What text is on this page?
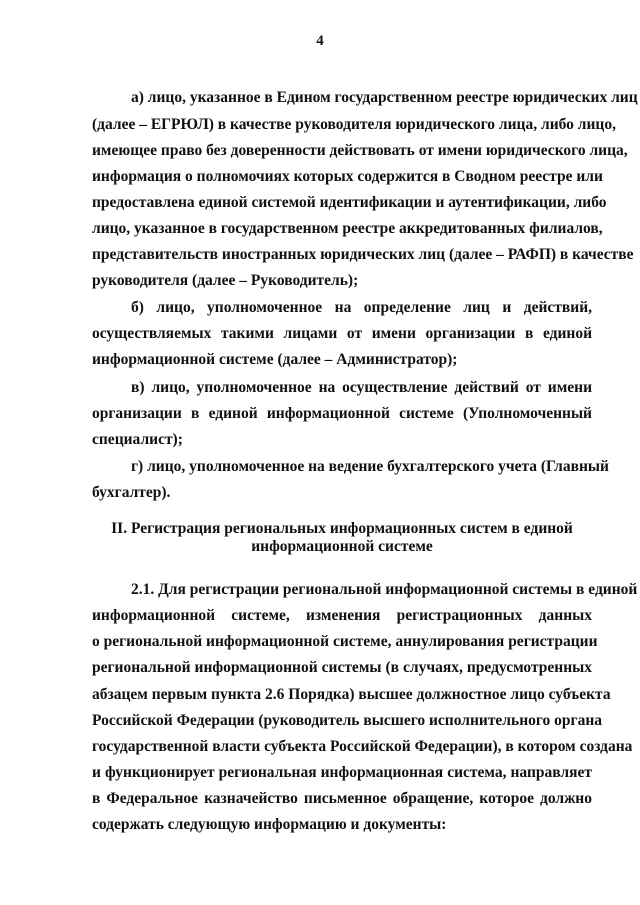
4
а) лицо, указанное в Едином государственном реестре юридических лиц
(далее – ЕГРЮЛ) в качестве руководителя юридического лица, либо лицо,
имеющее право без доверенности действовать от имени юридического лица,
информация о полномочиях которых содержится в Сводном реестре или
предоставлена единой системой идентификации и аутентификации, либо
лицо, указанное в государственном реестре аккредитованных филиалов,
представительств иностранных юридических лиц (далее – РАФП) в качестве
руководителя (далее – Руководитель);
б) лицо, уполномоченное на определение лиц и действий,
осуществляемых такими лицами от имени организации в единой
информационной системе (далее – Администратор);
в) лицо, уполномоченное на осуществление действий от имени
организации в единой информационной системе (Уполномоченный
специалист);
г) лицо, уполномоченное на ведение бухгалтерского учета (Главный
бухгалтер).
II. Регистрация региональных информационных систем в единой
информационной системе
2.1. Для регистрации региональной информационной системы в единой
информационной системе, изменения регистрационных данных
о региональной информационной системе, аннулирования регистрации
региональной информационной системы (в случаях, предусмотренных
абзацем первым пункта 2.6 Порядка) высшее должностное лицо субъекта
Российской Федерации (руководитель высшего исполнительного органа
государственной власти субъекта Российской Федерации), в котором создана
и функционирует региональная информационная система, направляет
в Федеральное казначейство письменное обращение, которое должно
содержать следующую информацию и документы:
